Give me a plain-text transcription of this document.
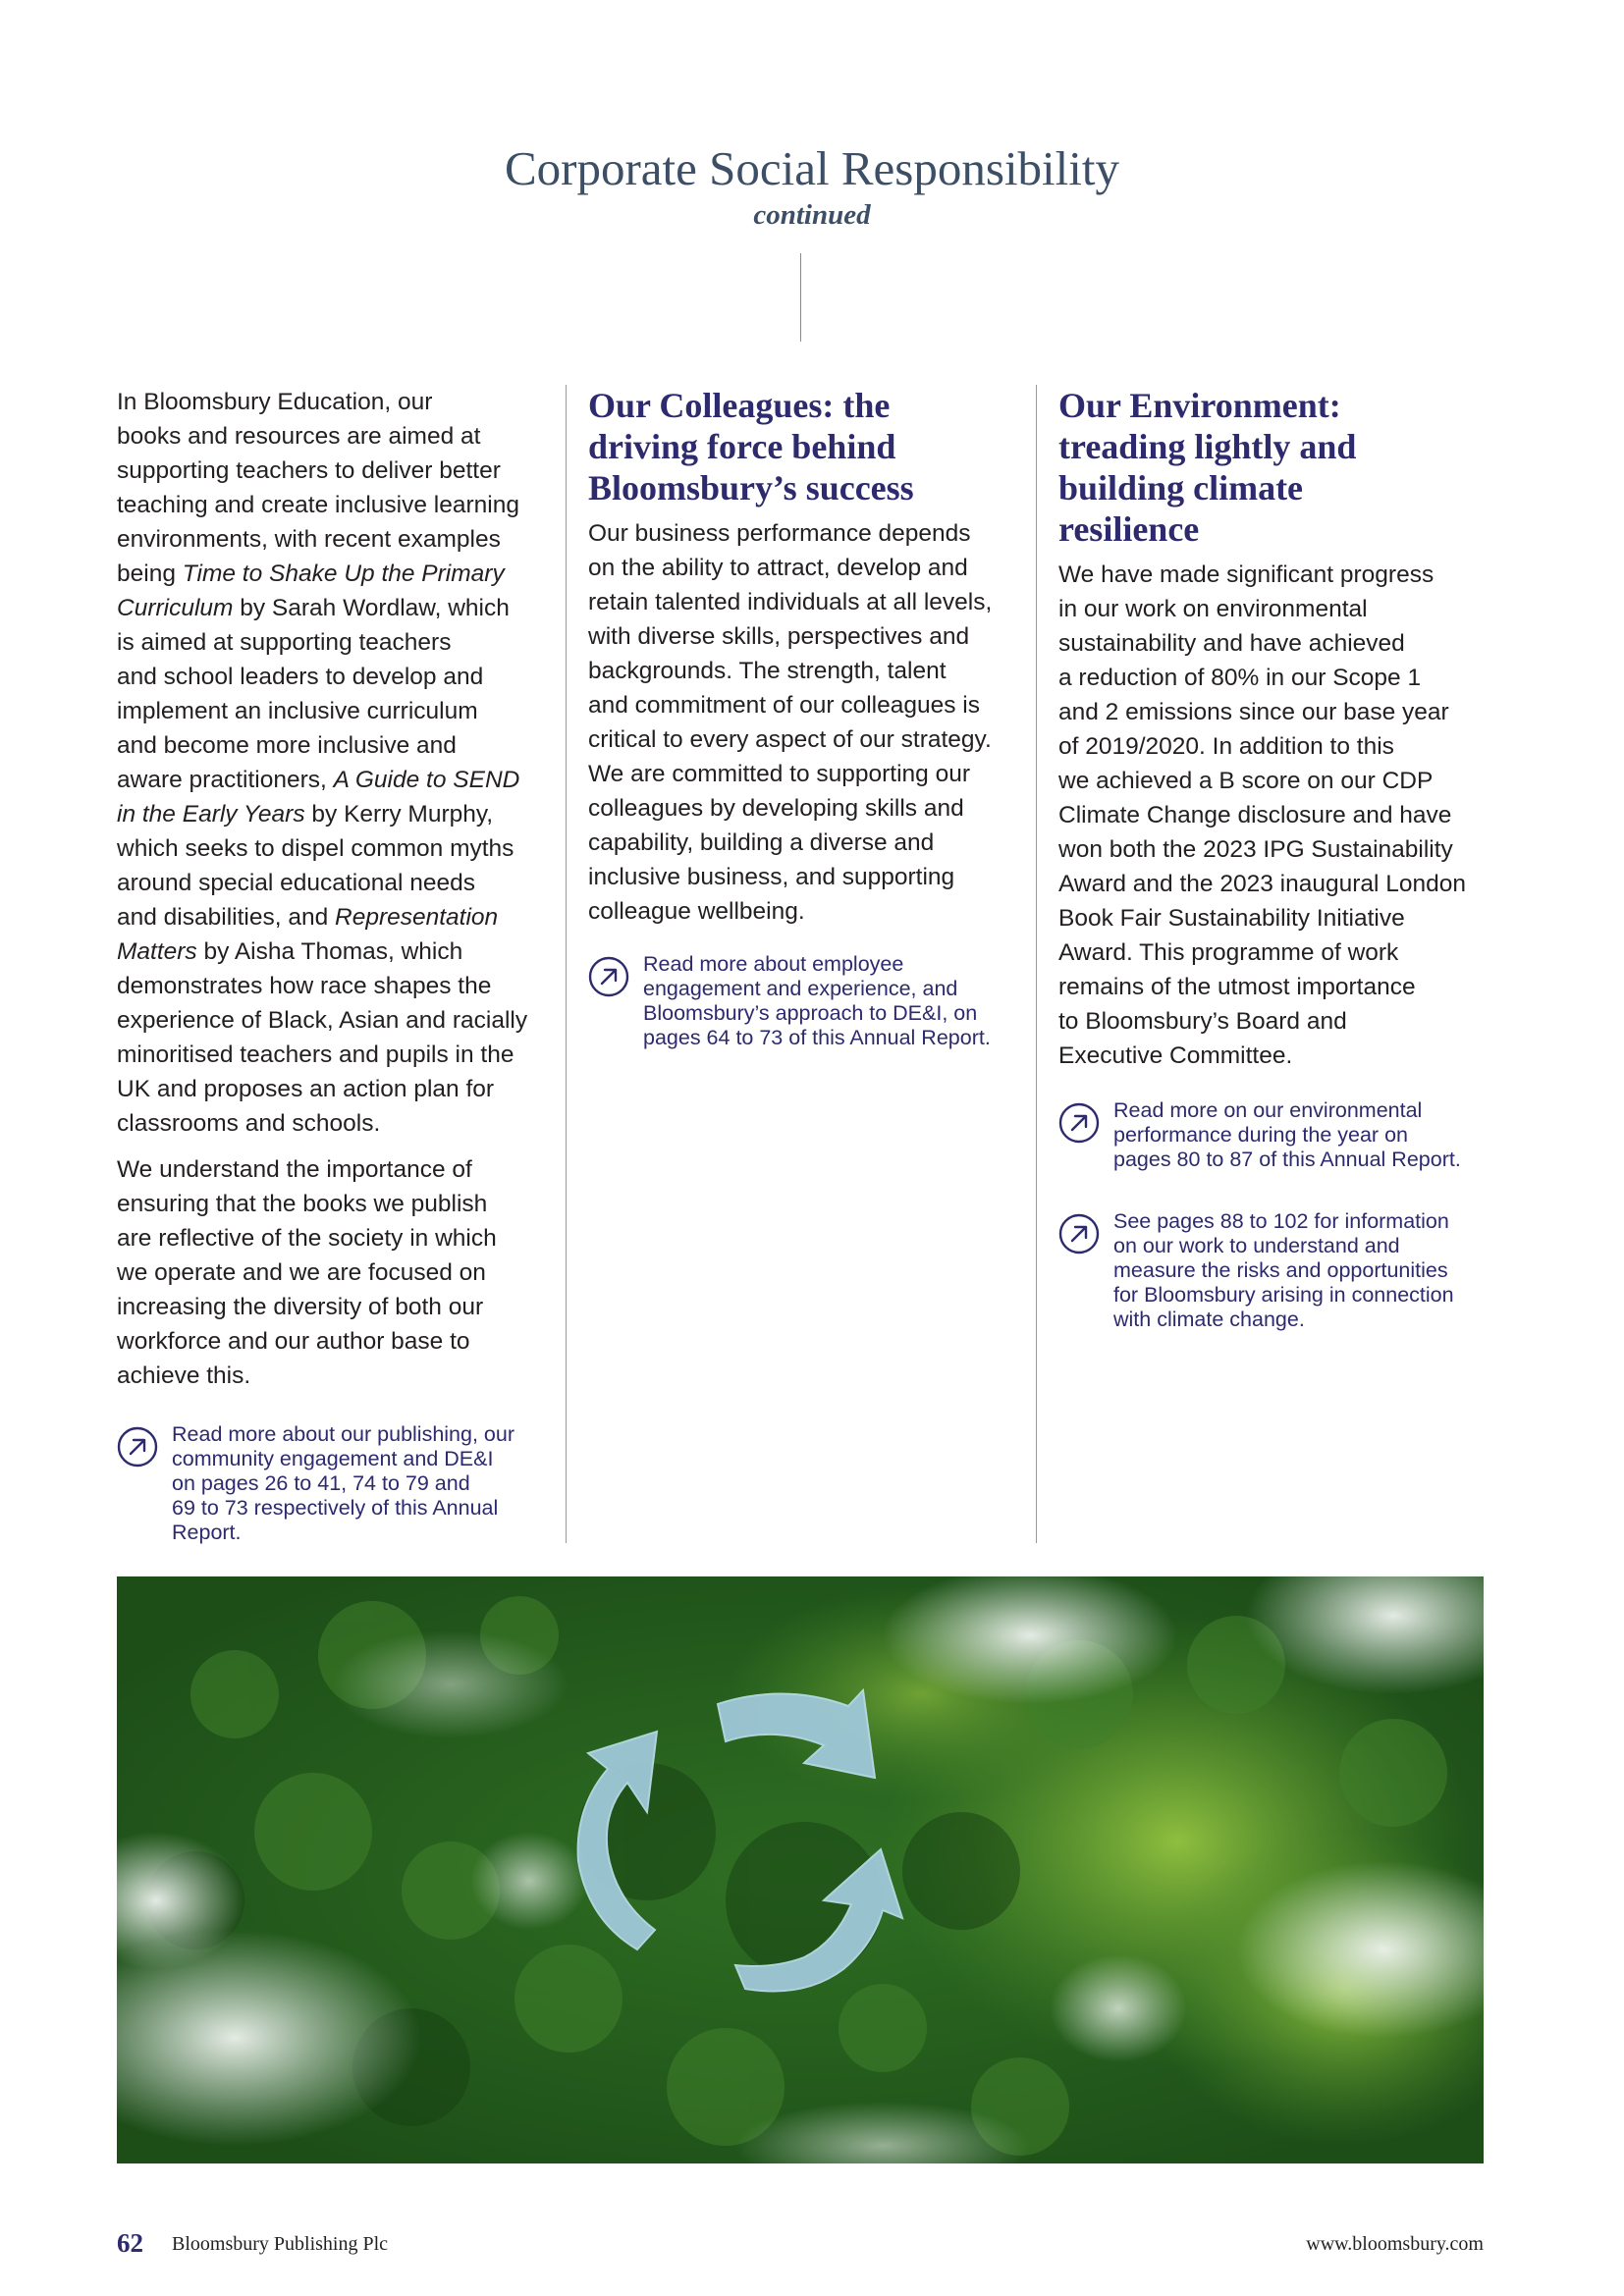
Corporate Social Responsibility
continued

In Bloomsbury Education, our
books and resources are aimed at
supporting teachers to deliver better
teaching and create inclusive learning
environments, with recent examples
being Time to Shake Up the Primary
Curriculum by Sarah Wordlaw, which
is aimed at supporting teachers
and school leaders to develop and
implement an inclusive curriculum
and become more inclusive and
aware practitioners, A Guide to SEND
in the Early Years by Kerry Murphy,
which seeks to dispel common myths
around special educational needs
and disabilities, and Representation
Matters by Aisha Thomas, which
demonstrates how race shapes the
experience of Black, Asian and racially
minoritised teachers and pupils in the
UK and proposes an action plan for
classrooms and schools.

We understand the importance of
ensuring that the books we publish
are reflective of the society in which
we operate and we are focused on
increasing the diversity of both our
workforce and our author base to
achieve this.

Read more about our publishing, our
community engagement and DE&I
on pages 26 to 41, 74 to 79 and
69 to 73 respectively of this Annual
Report.
Our Colleagues: the
driving force behind
Bloomsbury’s success

Our business performance depends
on the ability to attract, develop and
retain talented individuals at all levels,
with diverse skills, perspectives and
backgrounds. The strength, talent
and commitment of our colleagues is
critical to every aspect of our strategy.
We are committed to supporting our
colleagues by developing skills and
capability, building a diverse and
inclusive business, and supporting
colleague wellbeing.

Read more about employee
engagement and experience, and
Bloomsbury’s approach to DE&I, on
pages 64 to 73 of this Annual Report.
Our Environment:
treading lightly and
building climate
resilience

We have made significant progress
in our work on environmental
sustainability and have achieved
a reduction of 80% in our Scope 1
and 2 emissions since our base year
of 2019/2020. In addition to this
we achieved a B score on our CDP
Climate Change disclosure and have
won both the 2023 IPG Sustainability
Award and the 2023 inaugural London
Book Fair Sustainability Initiative
Award. This programme of work
remains of the utmost importance
to Bloomsbury’s Board and
Executive Committee.

Read more on our environmental
performance during the year on
pages 80 to 87 of this Annual Report.
See pages 88 to 102 for information
on our work to understand and
measure the risks and opportunities
for Bloomsbury arising in connection
with climate change.
62 Bloomsbury Publishing Plc	www.bloomsbury.com
